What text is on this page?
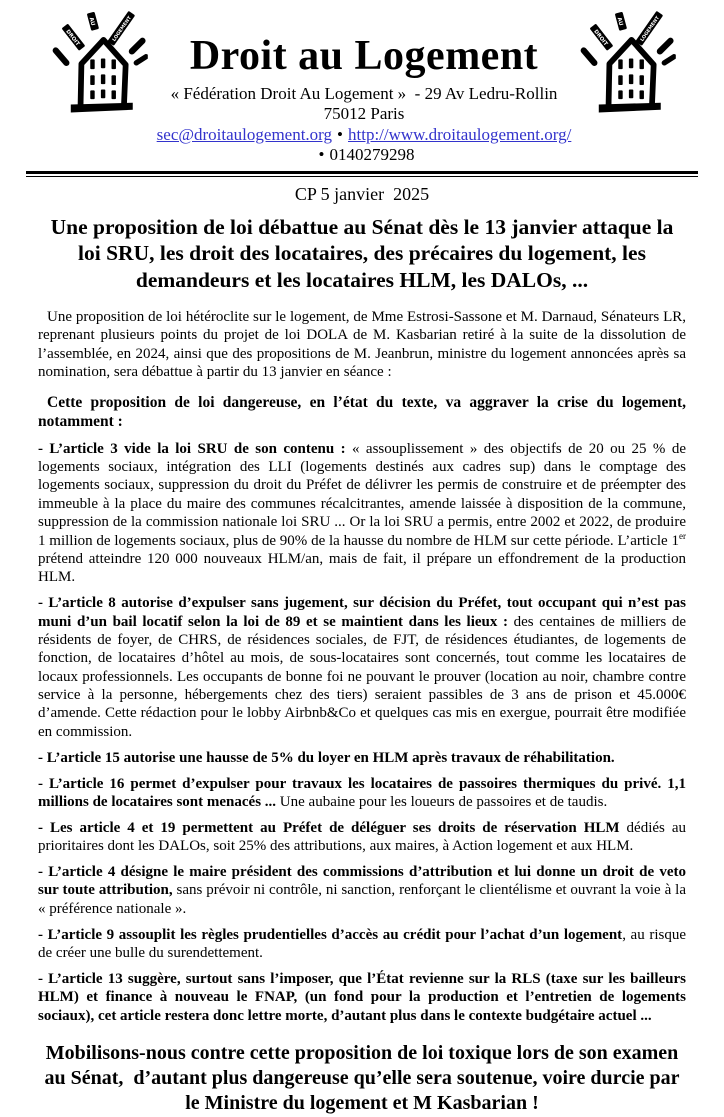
Droit au Logement
« Fédération Droit Au Logement »  - 29 Av Ledru-Rollin 75012 Paris
sec@droitaulogement.org • http://www.droitaulogement.org/• 0140279298
CP 5 janvier  2025
Une proposition de loi débattue au Sénat dès le 13 janvier attaque la loi SRU, les droit des locataires, des précaires du logement, les demandeurs et les locataires HLM, les DALOs, ...

Une proposition de loi hétéroclite sur le logement, de Mme Estrosi-Sassone et M. Darnaud, Sénateurs LR, reprenant plusieurs points du projet de loi DOLA de M. Kasbarian retiré à la suite de la dissolution de l’assemblée, en 2024, ainsi que des propositions de M. Jeanbrun, ministre du logement annoncées après sa nomination, sera débattue à partir du 13 janvier en séance :

Cette proposition de loi dangereuse, en l’état du texte, va aggraver la crise du logement, notamment :

- L’article 3 vide la loi SRU de son contenu : « assouplissement » des objectifs de 20 ou 25 % de logements sociaux, intégration des LLI (logements destinés aux cadres sup) dans le comptage des logements sociaux, suppression du droit du Préfet de délivrer les permis de construire et de préempter des immeuble à la place du maire des communes récalcitrantes, amende laissée à disposition de la commune, suppression de la commission nationale loi SRU ... Or la loi SRU a permis, entre 2002 et 2022, de produire 1 million de logements sociaux, plus de 90% de la hausse du nombre de HLM sur cette période. L’article 1er prétend atteindre 120 000 nouveaux HLM/an, mais de fait, il prépare un effondrement de la production HLM.

- L’article 8 autorise d’expulser sans jugement, sur décision du Préfet, tout occupant qui n’est pas muni d’un bail locatif selon la loi de 89 et se maintient dans les lieux : des centaines de milliers de résidents de foyer, de CHRS, de résidences sociales, de FJT, de résidences étudiantes, de logements de fonction, de locataires d’hôtel au mois, de sous-locataires sont concernés, tout comme les locataires de locaux professionnels. Les occupants de bonne foi ne pouvant le prouver (location au noir, chambre contre service à la personne, hébergements chez des tiers) seraient passibles de 3 ans de prison et 45.000€ d’amende. Cette rédaction pour le lobby Airbnb&Co et quelques cas mis en exergue, pourrait être modifiée en commission.

- L’article 15 autorise une hausse de 5% du loyer en HLM après travaux de réhabilitation.

- L’article 16 permet d’expulser pour travaux les locataires de passoires thermiques du privé. 1,1 millions de locataires sont menacés ... Une aubaine pour les loueurs de passoires et de taudis.

- Les article 4 et 19 permettent au Préfet de déléguer ses droits de réservation HLM dédiés au prioritaires dont les DALOs, soit 25% des attributions, aux maires, à Action logement et aux HLM.

- L’article 4 désigne le maire président des commissions d’attribution et lui donne un droit de veto sur toute attribution, sans prévoir ni contrôle, ni sanction, renforçant le clientélisme et ouvrant la voie à la « préférence nationale ».

- L’article 9 assouplit les règles prudentielles d’accès au crédit pour l’achat d’un logement, au risque de créer une bulle du surendettement.

- L’article 13 suggère, surtout sans l’imposer, que l’État revienne sur la RLS (taxe sur les bailleurs HLM) et finance à nouveau le FNAP, (un fond pour la production et l’entretien de logements sociaux), cet article restera donc lettre morte, d’autant plus dans le contexte budgétaire actuel ...

Mobilisons-nous contre cette proposition de loi toxique lors de son examen au Sénat,  d’autant plus dangereuse qu’elle sera soutenue, voire durcie par le Ministre du logement et M Kasbarian !
